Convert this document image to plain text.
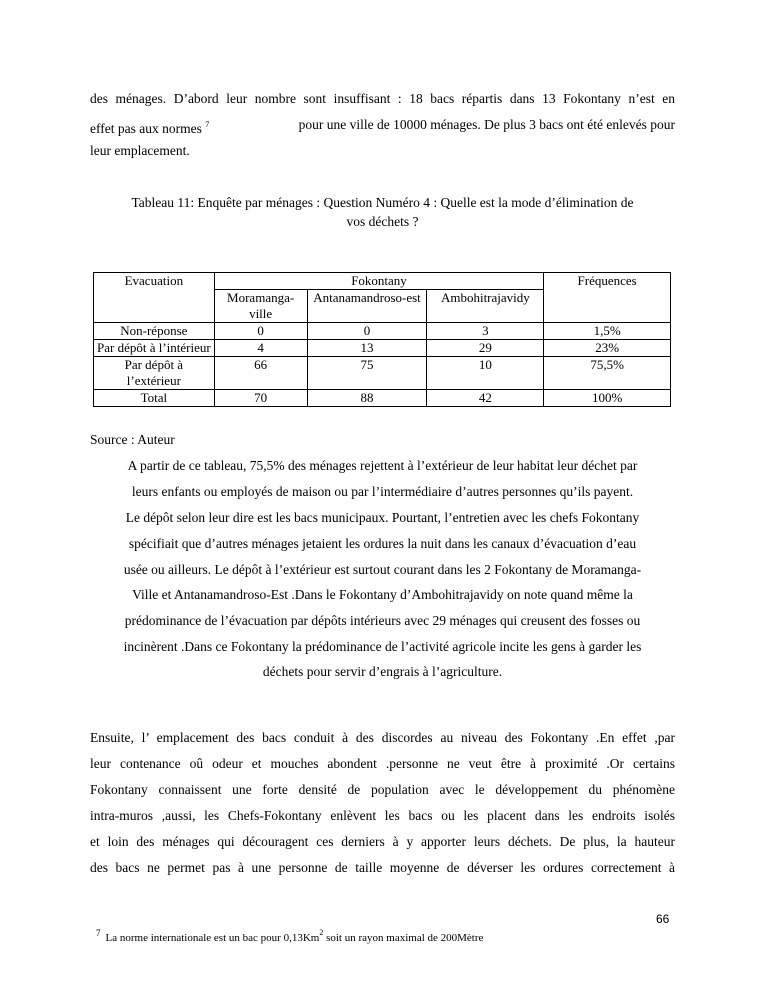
des ménages. D’abord leur nombre sont insuffisant : 18 bacs répartis dans 13 Fokontany n’est en
effet pas aux normes $^7$	pour une ville de 10000 ménages. De plus 3 bacs ont été enlevés pour
leur emplacement.
Tableau 11: Enquête par ménages : Question Numéro 4 : Quelle est la mode d’élimination de
vos déchets ?
Evacuation	Fokontany			Fréquences
	Moramanga-ville	Antanamandroso-est	Ambohitrajavidy	
Non-réponse	0	0	3	1,5%
Par dépôt à l’intérieur	4	13	29	23%
Par dépôt à l’extérieur	66	75	10	75,5%
Total	70	88	42	100%
Source : Auteur
A partir de ce tableau, 75,5% des ménages rejettent à l’extérieur de leur habitat leur déchet par
leurs enfants ou employés de maison ou par l’intermédiaire d’autres personnes qu’ils payent.
Le dépôt selon leur dire est les bacs municipaux. Pourtant, l’entretien avec les chefs Fokontany
spécifiait que d’autres ménages jetaient les ordures la nuit dans les canaux d’évacuation d’eau
usée ou ailleurs. Le dépôt à l’extérieur est surtout courant dans les 2 Fokontany de Moramanga-
Ville et Antanamandroso-Est .Dans le Fokontany d’Ambohitrajavidy on note quand même la
prédominance de l’évacuation par dépôts intérieurs avec 29 ménages qui creusent des fosses ou
incinèrent .Dans ce Fokontany la prédominance de l’activité agricole incite les gens à garder les
déchets pour servir d’engrais à l’agriculture.
Ensuite, l’ emplacement des bacs conduit à des discordes au niveau des Fokontany .En effet ,par
leur contenance oû odeur et mouches abondent .personne ne veut être à proximité .Or certains
Fokontany connaissent une forte densité de population avec le développement du phénomène
intra-muros ,aussi, les Chefs-Fokontany enlèvent les bacs ou les placent dans les endroits isolés
et loin des ménages qui découragent ces derniers à y apporter leurs déchets. De plus, la hauteur
des bacs ne permet pas à une personne de taille moyenne de déverser les ordures correctement à
66
$^7$ La norme internationale est un bac pour 0,13Km$^2$ soit un rayon maximal de 200Mètre
